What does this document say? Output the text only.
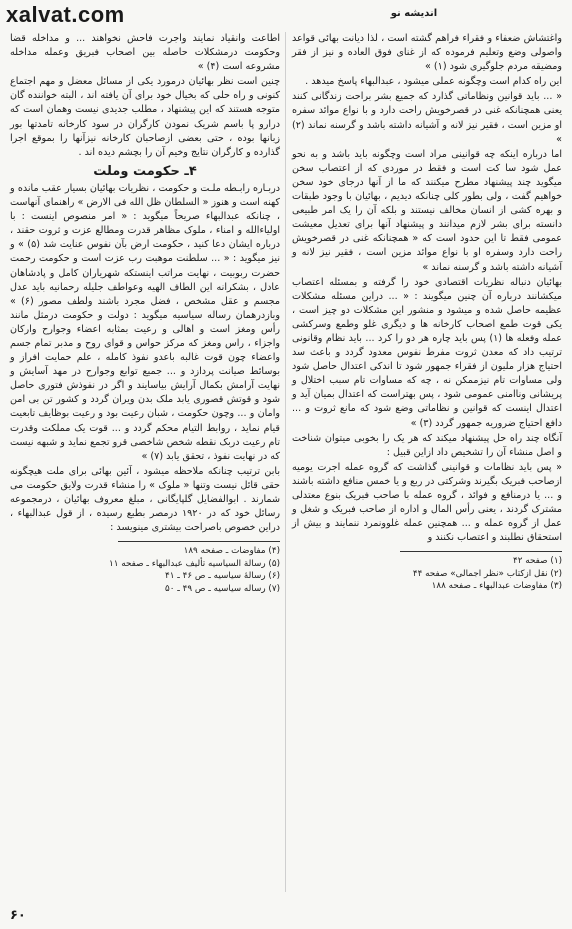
xalvat.com	اندیشه نو

واغتشاش ضعفاء و فقراء فراهم گشته است ، لذا دیانت بهائی قواعد واصولی وضع وتعلیم فرموده که از غنای فوق العاده و نیز از فقر ومضیقه مردم جلوگیری شود (۱) »

این راه کدام است وچگونه عملی میشود ، عبدالبهاء پاسخ میدهد .

« ... باید قوانین ونظاماتی گذارد که جمیع بشر براحت زندگانی کنند یعنی همچنانکه غنی در قصرخویش راحت دارد و با نواع موائد سفره او مزین است ، فقیر نیز لانه و آشیانه داشته باشد و گرسنه نماند (۲) »

اما درباره اینکه چه قوانینی مراد است وچگونه باید باشد و به نحو عمل شود سا کت است و فقط در موردی که از اعتصاب سخن میگوید چند پیشنهاد مطرح میکنند که ما از آنها درجای خود سخن خواهیم گفت ، ولی بطور کلی چنانکه دیدیم ، بهائیان با وجود طبقات و بهره کشی از انسان مخالف نیستند و بلکه آن را یک امر طبیعی دانسته برای بشر لازم میدانند و پیشنهاد آنها برای تعدیل معیشت عمومی فقط تا این حدود است که « همچنانکه غنی در قصرخویش راحت دارد وسفره او با نواع موائد مزین است ، فقیر نیز لانه و آشیانه داشته باشد و گرسنه نماند »

بهائیان دنباله نظریات اقتصادی خود را گرفته و بمسئله اعتصاب میکشانند درباره آن چنین میگویند : « ... دراین مسئله مشکلات عظیمه حاصل شده و میشود و منشور این مشکلات دو چیز است ، یکی قوت طمع اصحاب کارخانه ها و دیگری غلو وطمع وسرکشی عمله وفعله ها (۱) پس باید چاره هر دو را کرد ... باید نظام وقانونی ترتیب داد که معدن ثروت مفرط نفوس معدود گردد و باعث سد احتیاج هزار ملیون از فقراء جمهور شود تا اندکی اعتدال حاصل شود ولی مساوات تام نیزممکن نه ، چه که مساوات تام سبب اختلال و پریشانی وناامنی عمومی شود ، پس بهتراست که اعتدال بمیان آید و اعتدال اینست که قوانین و نظاماتی وضع شود که مانع ثروت و ... دافع احتیاج ضروریه جمهور گردد (۳) »

آنگاه چند راه حل پیشنهاد میکند که هر یک را بخوبی میتوان شناخت و اصل منشاء آن را تشخیص داد ازاین قبیل :

« پس باید نظامات و قوانینی گذاشت که گروه عمله اجرت یومیه ازصاحب فبریک بگیرند وشرکتی در ربع و یا خمس منافع داشته باشند و ... یا درمنافع و فوائد ، گروه عمله با صاحب فبریک بنوع معتدلی مشترک گردند ، یعنی رأس المال و اداره از صاحب فبریک و شغل و عمل از گروه عمله و ... همچنین عمله غلوونمرد ننمایند و بیش از استحقاق نطلبند و اعتصاب نکنند و

(۱) صفحه ۴۲
(۲) نقل ازکتاب «نظر اجمالی» صفحه ۴۴
(۳) مفاوضات عبدالبهاء ـ صفحه ۱۸۸

اطاعت وانقیاد نمایند واجرت فاحش نخواهند ... و مداخله قضا وحکومت درمشکلات حاصله بین اصحاب فبریق وعمله مداخله مشروعه است (۴) »

چنین است نظر بهائیان درمورد یکی از مسائل معضل و مهم اجتماع کنونی و راه حلی که بخیال خود برای آن یافته اند ، البته خواننده گان متوجه هستند که این پیشنهاد ، مطلب جدیدی نیست وهمان است که درارو پا باسم شریک نمودن کارگران در سود کارخانه تامدتها بور زبانها بوده ، حتی بعضی ازصاحبان کارخانه نیزآنها را بموقع اجرا گذارده و کارگران نتایج وخیم آن را بچشم دیده اند .

۴ـ حکومت وملت

دربـاره رابـطه ملـت و حکومت ، نظریات بهائیان بسیار عقب مانده و کهنه است و هنوز « السلطان ظل الله فی الارض » راهنمای آنهاست ، چنانکه عبدالبهاء صریحاً میگوید : « امر منصوص اینست : با اولیاءالله و امناء ، ملوک مظاهر قدرت ومطالع عزت و ثروت حقند ، درباره ایشان دعا کنید ، حکومت ارض بآن نفوس عنایت شد (۵) » و نیز میگوید : « ... سلطنت موهبت رب عزت است و حکومت رحمت حضرت ربوبیت ، نهایت مراتب اینستکه شهریاران کامل و پادشاهان عادل ، بشکرانه این الطاف الهیه وعواطف جلیله رحمانیه باید عدل مجسم و عقل مشخص ، فضل مجرد باشند ولطف مصور (۶) » وبازدرهمان رساله سیاسیه میگوید : دولت و حکومت درمثل مانند رأس ومغز است و اهالی و رعیت بمثابه اعضاء وجوارح وارکان واجزاء ، راس ومغز که مرکز حواس و قوای روح و مدبر تمام جسم واعضاء چون قوت غالبه باعدو نفوذ کامله ، علم حمایت افراز و بوسائط صیانت پردازد و ... جمیع توابع وجوارح در مهد آسایش و نهایت آرامش بکمال آرایش بیاسایند و اگر در نفوذش فتوری حاصل شود و قوتش قصوری یابد ملک بدن ویران گردد و کشور تن بی امن وامان و ... وچون حکومت ، شبان رعیت بود و رعیت بوظایف تابعیت قیام نماید ، روابط التیام محکم گردد و ... قوت یک مملکت وقدرت تام رعیت دربک نقطه شخص شاخصی قرو تجمع نماید و شبهه نیست که در نهایت نفوذ ، تحقق یابد (۷) »

بابن ترتیب چنانکه ملاحظه میشود ، آئین بهائی برای ملت هیچگونه حقی قائل نیست وتنها « ملوک » را منشاء قدرت ولایق حکومت می شمارند . ابوالفضایل گلپایگانی ، مبلغ معروف بهائیان ، درمجموعه رسائل خود که در ۱۹۲۰ درمصر بطبع رسیده ، از قول عبدالبهاء ، دراین خصوص باصراحت بیشتری مینویسد :

(۴) مفاوضات ـ صفحه ۱۸۹
(۵) رسالة السیاسیه تألیف عبدالبهاء ـ صفحه ۱۱
(۶) رسالهٔ سیاسیه ـ ص ۴۶ ـ ۴۱
(۷) رساله سیاسیه ـ ص ۴۹ ـ ۵۰
۶۰
